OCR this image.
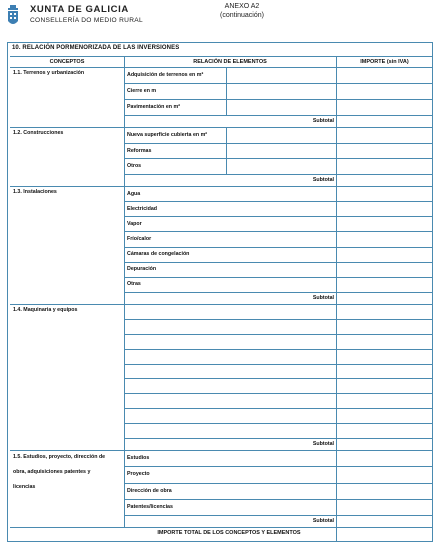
XUNTA DE GALICIA
CONSELLERÍA DO MEDIO RURAL
ANEXO A2
(continuación)
10. RELACIÓN PORMENORIZADA DE LAS INVERSIONES
CONCEPTOS	RELACIÓN DE ELEMENTOS	IMPORTE (sin IVA)
1.1. Terrenos y urbanización	Adquisición de terrenos en m²
Cierre en m
Pavimentación en m²
Subtotal
1.2. Construcciones	Nueva superficie cubierta en m²
Reformas
Otros
Subtotal
1.3. Instalaciones	Agua
Electricidad
Vapor
Frío/calor
Cámaras de congelación
Depuración
Otras
Subtotal
1.4. Maquinaria y equipos
Subtotal
1.5. Estudios, proyecto, dirección de
obra, adquisiciones patentes y
licencias
Estudios
Proyecto
Dirección de obra
Patentes/licencias
Subtotal
IMPORTE TOTAL DE LOS CONCEPTOS Y ELEMENTOS
